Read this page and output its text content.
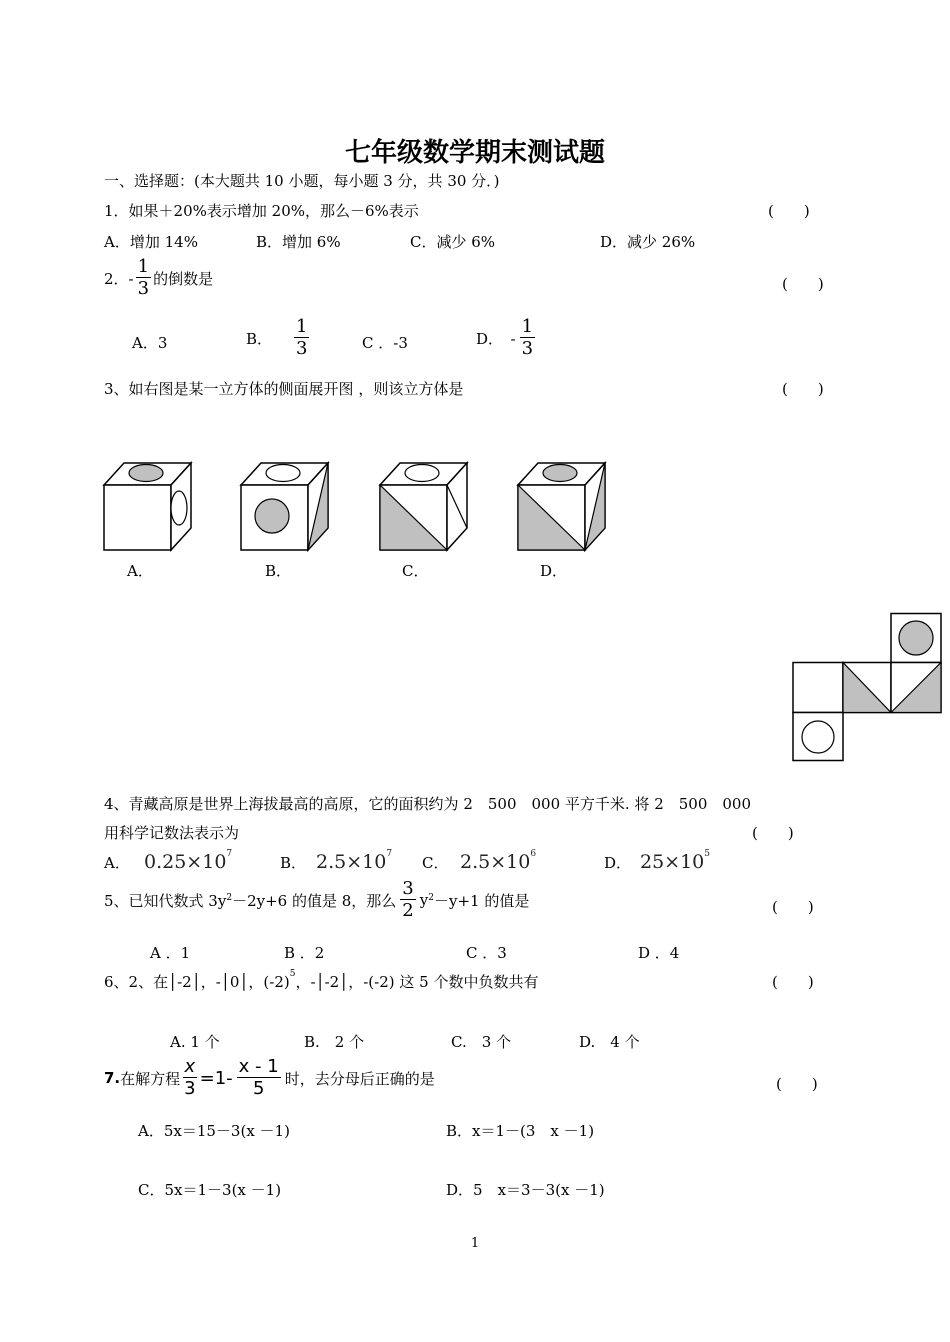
七年级数学期末测试题
一、选择题：(本大题共 10 小题，每小题 3 分，共 30 分．)
1．如果＋20%表示增加 20%，那么－6%表示	(　　)
A．增加 14%	B．增加 6%	C．减少 6%	D．减少 26%
2．- $\frac{1}{3}$ 的倒数是	(　　)
A．3	B． $\frac{1}{3}$	C ．-3	D．　- $\frac{1}{3}$
3、如右图是某一立方体的侧面展开图 ，则该立方体是	(　　)
A．	B．	C．	D．
4、青藏高原是世界上海拔最高的高原，它的面积约为 2　500　000 平方千米. 将 2　500　000
用科学记数法表示为	(　　)
A． $0.25\times 10^7$	B． $2.5\times 10^7$ C． $2.5\times 10^6$	D． $25\times 10^5$
5、已知代数式 $3y^2 -2y+6$ 的值是 8，那么 $\frac{3}{2} y^2 -y+1$ 的值是	(　　)
A ．1	B ．2	C ．3	D ．4
6、2、在│-2│，-│0│，$(-2)^5$，-│-2│，-(-2) 这 5 个数中负数共有	(　　)
A. 1 个	B.　2 个	C.　3 个	D.　4 个
7. 在解方程 $\frac{x}{3} =1- \frac{x - 1}{5}$ 时，去分母后正确的是	(　　)
A．5x＝15－3(x －1)	B．x＝1－(3　x －1)
C．5x＝1－3(x －1)	D．5　x＝3－3(x －1)
1
